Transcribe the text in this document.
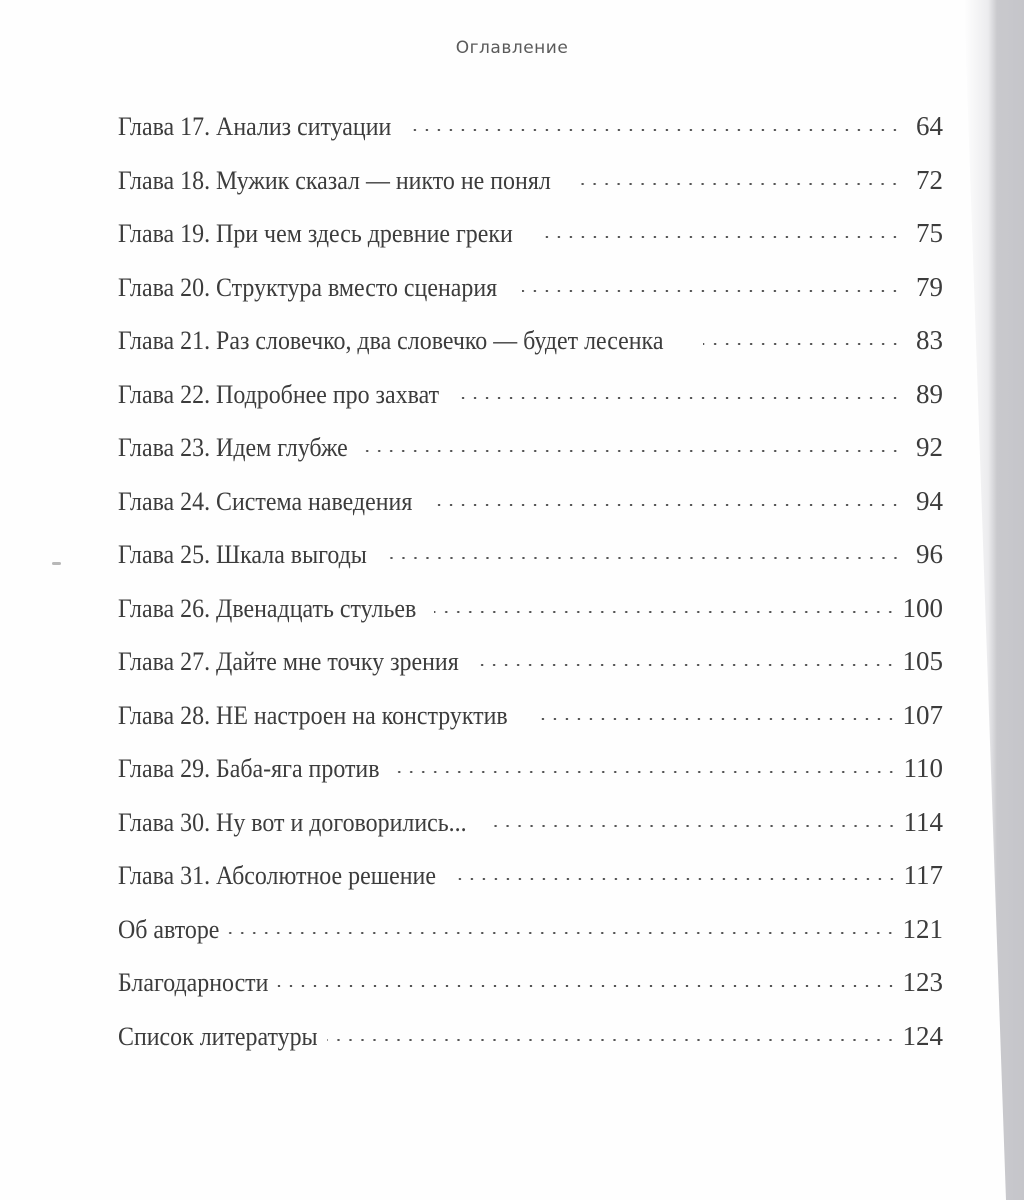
Оглавление
Глава 17. Анализ ситуации	64
Глава 18. Мужик сказал — никто не понял	72
Глава 19. При чем здесь древние греки	75
Глава 20. Структура вместо сценария	79
Глава 21. Раз словечко, два словечко — будет лесенка	83
Глава 22. Подробнее про захват	89
Глава 23. Идем глубже	92
Глава 24. Система наведения	94
Глава 25. Шкала выгоды	96
Глава 26. Двенадцать стульев	100
Глава 27. Дайте мне точку зрения	105
Глава 28. НЕ настроен на конструктив	107
Глава 29. Баба-яга против	110
Глава 30. Ну вот и договорились...	114
Глава 31. Абсолютное решение	117
Об авторе	121
Благодарности	123
Список литературы	124
